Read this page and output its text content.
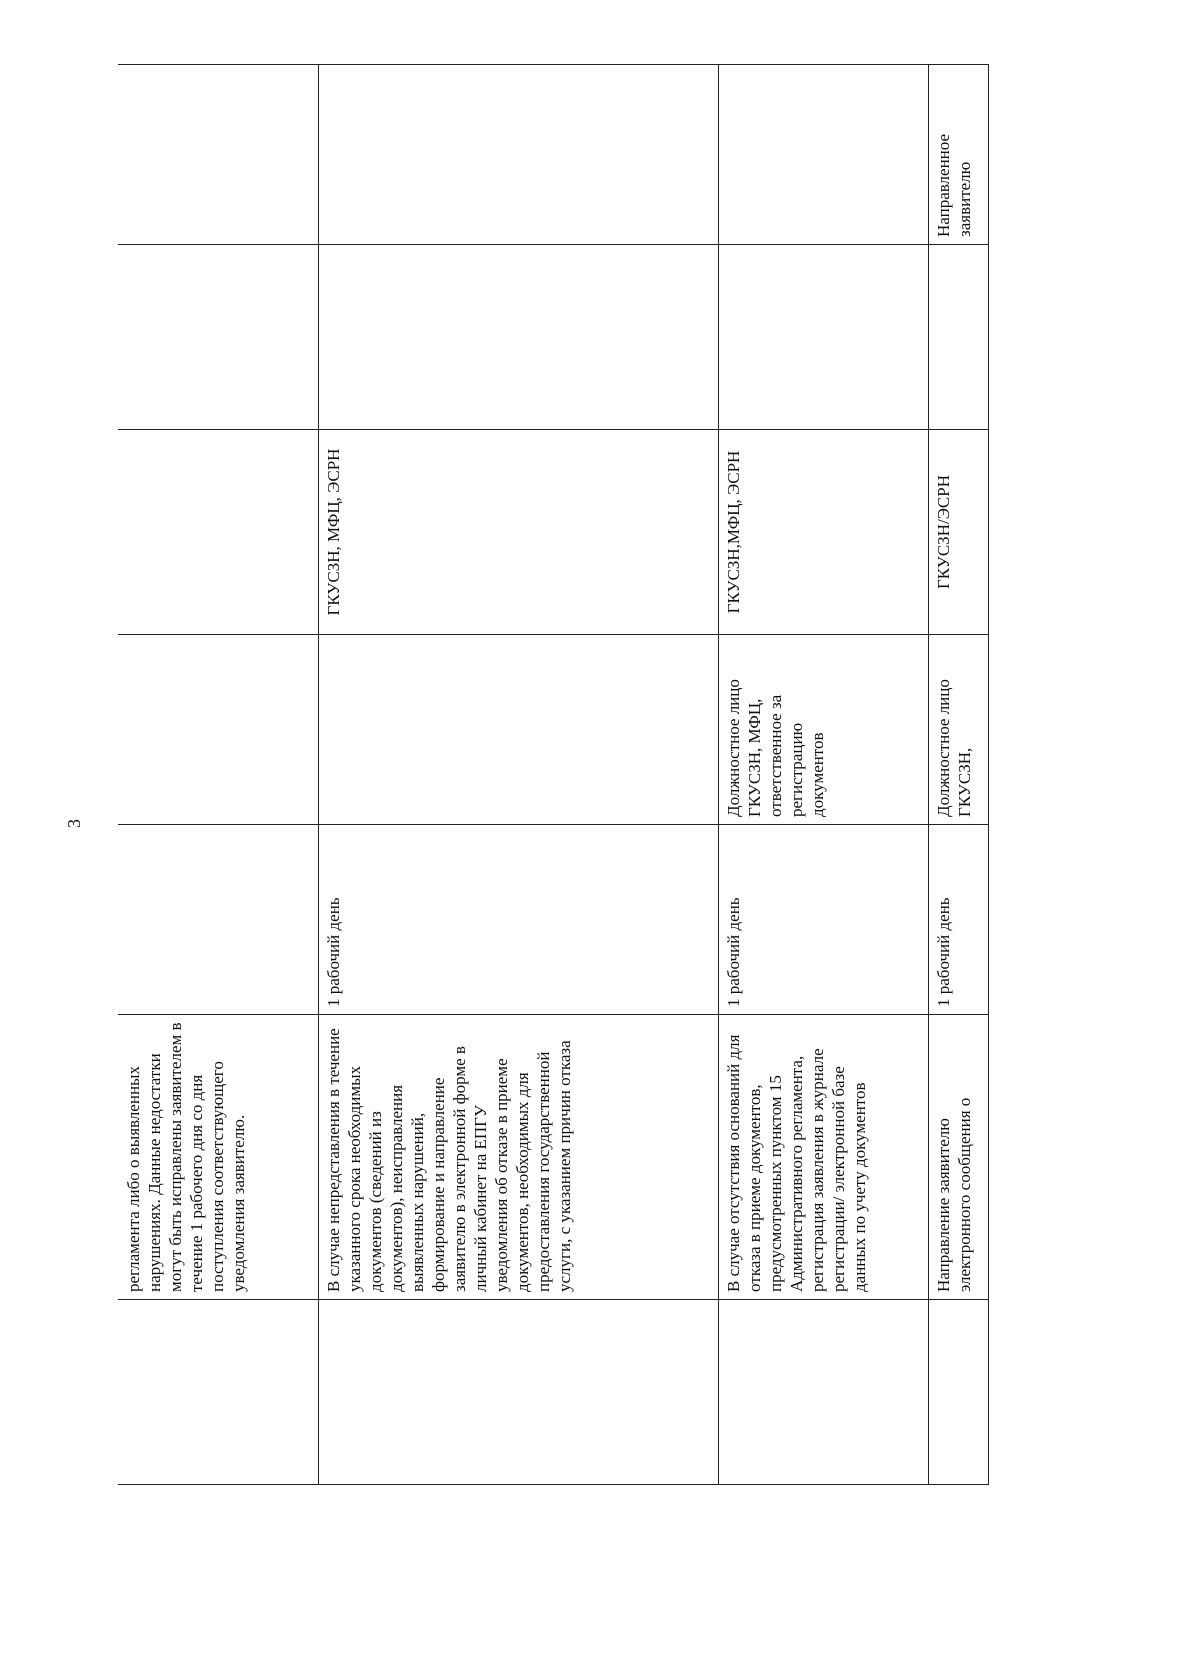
3
	регламента либо о выявленных нарушениях. Данные недостатки могут быть исправлены заявителем в течение 1 рабочего дня со дня поступления соответствующего уведомления заявителю.					
	В случае непредставления в течение указанного срока необходимых документов (сведений из документов), неисправления выявленных нарушений, формирование и направление заявителю в электронной форме в личный кабинет на ЕПГУ уведомления об отказе в приеме документов, необходимых для предоставления государственной услуги, с указанием причин отказа	1 рабочий день		ГКУСЗН, МФЦ, ЭСРН		
	В случае отсутствия оснований для отказа в приеме документов, предусмотренных пунктом 15 Административного регламента, регистрация заявления в журнале регистрации/ электронной базе данных по учету документов	1 рабочий день	Должностное лицо ГКУСЗН, МФЦ, ответственное за регистрацию документов	ГКУСЗН,МФЦ, ЭСРН		
	Направление заявителю электронного сообщения о	1 рабочий день	Должностное лицо ГКУСЗН,	ГКУСЗН/ЭСРН		Направленное заявителю
